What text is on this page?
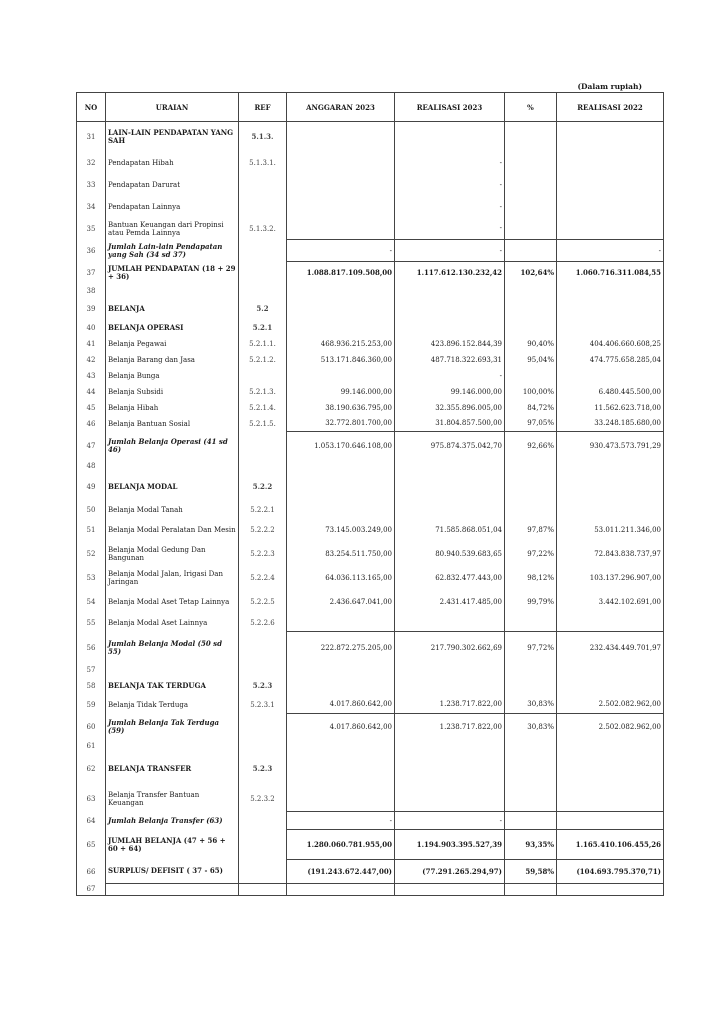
(Dalam rupiah)
NO	URAIAN	REF	ANGGARAN 2023	REALISASI 2023	%	REALISASI 2022
31	LAIN-LAIN PENDAPATAN YANG SAH	5.1.3.				
32	Pendapatan Hibah	5.1.3.1.		-		
33	Pendapatan Darurat			-		
34	Pendapatan Lainnya			-		
35	Bantuan Keuangan dari Propinsi atau Pemda Lainnya	5.1.3.2.		-		
36	Jumlah Lain-lain Pendapatan yang Sah (34 sd 37)		-	-		-
37	JUMLAH PENDAPATAN (18 + 29 + 36)		1.088.817.109.508,00	1.117.612.130.232,42	102,64%	1.060.716.311.084,55
38						
39	BELANJA	5.2				
40	BELANJA OPERASI	5.2.1				
41	Belanja Pegawai	5.2.1.1.	468.936.215.253,00	423.896.152.844,39	90,40%	404.406.660.608,25
42	Belanja Barang dan Jasa	5.2.1.2.	513.171.846.360,00	487.718.322.693,31	95,04%	474.775.658.285,04
43	Belanja Bunga			-		
44	Belanja Subsidi	5.2.1.3.	99.146.000,00	99.146.000,00	100,00%	6.480.445.500,00
45	Belanja Hibah	5.2.1.4.	38.190.636.795,00	32.355.896.005,00	84,72%	11.562.623.718,00
46	Belanja Bantuan Sosial	5.2.1.5.	32.772.801.700,00	31.804.857.500,00	97,05%	33.248.185.680,00
47	Jumlah Belanja Operasi (41 sd 46)		1.053.170.646.108,00	975.874.375.042,70	92,66%	930.473.573.791,29
48						
49	BELANJA MODAL	5.2.2				
50	Belanja Modal Tanah	5.2.2.1				
51	Belanja Modal Peralatan Dan Mesin	5.2.2.2	73.145.003.249,00	71.585.868.051,04	97,87%	53.011.211.346,00
52	Belanja Modal Gedung Dan Bangunan	5.2.2.3	83.254.511.750,00	80.940.539.683,65	97,22%	72.843.838.737,97
53	Belanja Modal Jalan, Irigasi Dan Jaringan	5.2.2.4	64.036.113.165,00	62.832.477.443,00	98,12%	103.137.296.907,00
54	Belanja Modal Aset Tetap Lainnya	5.2.2.5	2.436.647.041,00	2.431.417.485,00	99,79%	3.442.102.691,00
55	Belanja Modal Aset Lainnya	5.2.2.6				
56	Jumlah Belanja Modal (50 sd 55)		222.872.275.205,00	217.790.302.662,69	97,72%	232.434.449.701,97
57						
58	BELANJA TAK TERDUGA	5.2.3				
59	Belanja Tidak Terduga	5.2.3.1	4.017.860.642,00	1.238.717.822,00	30,83%	2.502.082.962,00
60	Jumlah Belanja Tak Terduga (59)		4.017.860.642,00	1.238.717.822,00	30,83%	2.502.082.962,00
61						
62	BELANJA TRANSFER	5.2.3				
63	Belanja Transfer Bantuan Keuangan	5.2.3.2				
64	Jumlah Belanja Transfer (63)		-	-		
65	JUMLAH BELANJA (47 + 56 + 60 + 64)		1.280.060.781.955,00	1.194.903.395.527,39	93,35%	1.165.410.106.455,26
66	SURPLUS/ DEFISIT ( 37 - 65)		(191.243.672.447,00)	(77.291.265.294,97)	59,58%	(104.693.795.370,71)
67						
